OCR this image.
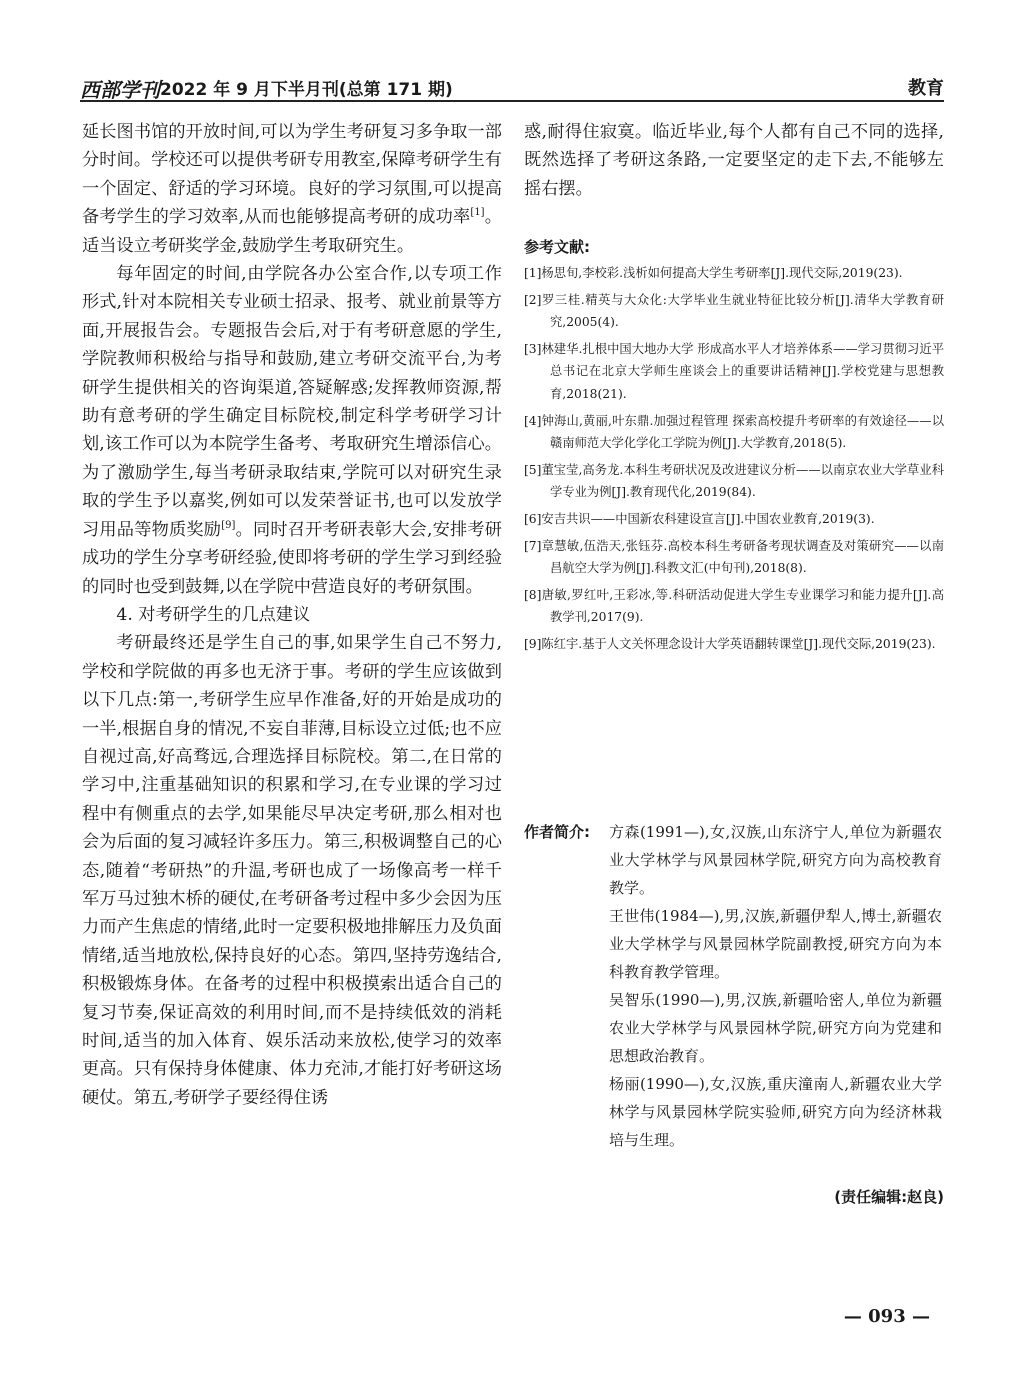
西部学刊 2022 年 9 月下半月刊(总第 171 期)	教育

延长图书馆的开放时间,可以为学生考研复习多争取一部分时间。学校还可以提供考研专用教室,保障考研学生有一个固定、舒适的学习环境。良好的学习氛围,可以提高备考学生的学习效率,从而也能够提高考研的成功率[1]。适当设立考研奖学金,鼓励学生考取研究生。

每年固定的时间,由学院各办公室合作,以专项工作形式,针对本院相关专业硕士招录、报考、就业前景等方面,开展报告会。专题报告会后,对于有考研意愿的学生,学院教师积极给与指导和鼓励,建立考研交流平台,为考研学生提供相关的咨询渠道,答疑解惑;发挥教师资源,帮助有意考研的学生确定目标院校,制定科学考研学习计划,该工作可以为本院学生备考、考取研究生增添信心。为了激励学生,每当考研录取结束,学院可以对研究生录取的学生予以嘉奖,例如可以发荣誉证书,也可以发放学习用品等物质奖励[9]。同时召开考研表彰大会,安排考研成功的学生分享考研经验,使即将考研的学生学习到经验的同时也受到鼓舞,以在学院中营造良好的考研氛围。

4. 对考研学生的几点建议

考研最终还是学生自己的事,如果学生自己不努力,学校和学院做的再多也无济于事。考研的学生应该做到以下几点:第一,考研学生应早作准备,好的开始是成功的一半,根据自身的情况,不妄自菲薄,目标设立过低;也不应自视过高,好高骛远,合理选择目标院校。第二,在日常的学习中,注重基础知识的积累和学习,在专业课的学习过程中有侧重点的去学,如果能尽早决定考研,那么相对也会为后面的复习减轻许多压力。第三,积极调整自己的心态,随着“考研热”的升温,考研也成了一场像高考一样千军万马过独木桥的硬仗,在考研备考过程中多少会因为压力而产生焦虑的情绪,此时一定要积极地排解压力及负面情绪,适当地放松,保持良好的心态。第四,坚持劳逸结合,积极锻炼身体。在备考的过程中积极摸索出适合自己的复习节奏,保证高效的利用时间,而不是持续低效的消耗时间,适当的加入体育、娱乐活动来放松,使学习的效率更高。只有保持身体健康、体力充沛,才能打好考研这场硬仗。第五,考研学子要经得住诱

惑,耐得住寂寞。临近毕业,每个人都有自己不同的选择,既然选择了考研这条路,一定要坚定的走下去,不能够左摇右摆。

参考文献:
[1]杨思旬,李校彩.浅析如何提高大学生考研率[J].现代交际,2019(23).
[2]罗三桂.精英与大众化:大学毕业生就业特征比较分析[J].清华大学教育研究,2005(4).
[3]林建华.扎根中国大地办大学 形成高水平人才培养体系——学习贯彻习近平总书记在北京大学师生座谈会上的重要讲话精神[J].学校党建与思想教育,2018(21).
[4]钟海山,黄丽,叶东鼎.加强过程管理 探索高校提升考研率的有效途径——以赣南师范大学化学化工学院为例[J].大学教育,2018(5).
[5]董宝莹,高务龙.本科生考研状况及改进建议分析——以南京农业大学草业科学专业为例[J].教育现代化,2019(84).
[6]安吉共识——中国新农科建设宣言[J].中国农业教育,2019(3).
[7]章慧敏,伍浩天,张钰芬.高校本科生考研备考现状调查及对策研究——以南昌航空大学为例[J].科教文汇(中旬刊),2018(8).
[8]唐敏,罗红叶,王彩冰,等.科研活动促进大学生专业课学习和能力提升[J].高教学刊,2017(9).
[9]陈红宇.基于人文关怀理念设计大学英语翻转课堂[J].现代交际,2019(23).
作者简介: 方森(1991—),女,汉族,山东济宁人,单位为新疆农业大学林学与风景园林学院,研究方向为高校教育教学。

王世伟(1984—),男,汉族,新疆伊犁人,博士,新疆农业大学林学与风景园林学院副教授,研究方向为本科教育教学管理。

吴智乐(1990—),男,汉族,新疆哈密人,单位为新疆农业大学林学与风景园林学院,研究方向为党建和思想政治教育。

杨丽(1990—),女,汉族,重庆潼南人,新疆农业大学林学与风景园林学院实验师,研究方向为经济林栽培与生理。

(责任编辑:赵良)
— 093 —
